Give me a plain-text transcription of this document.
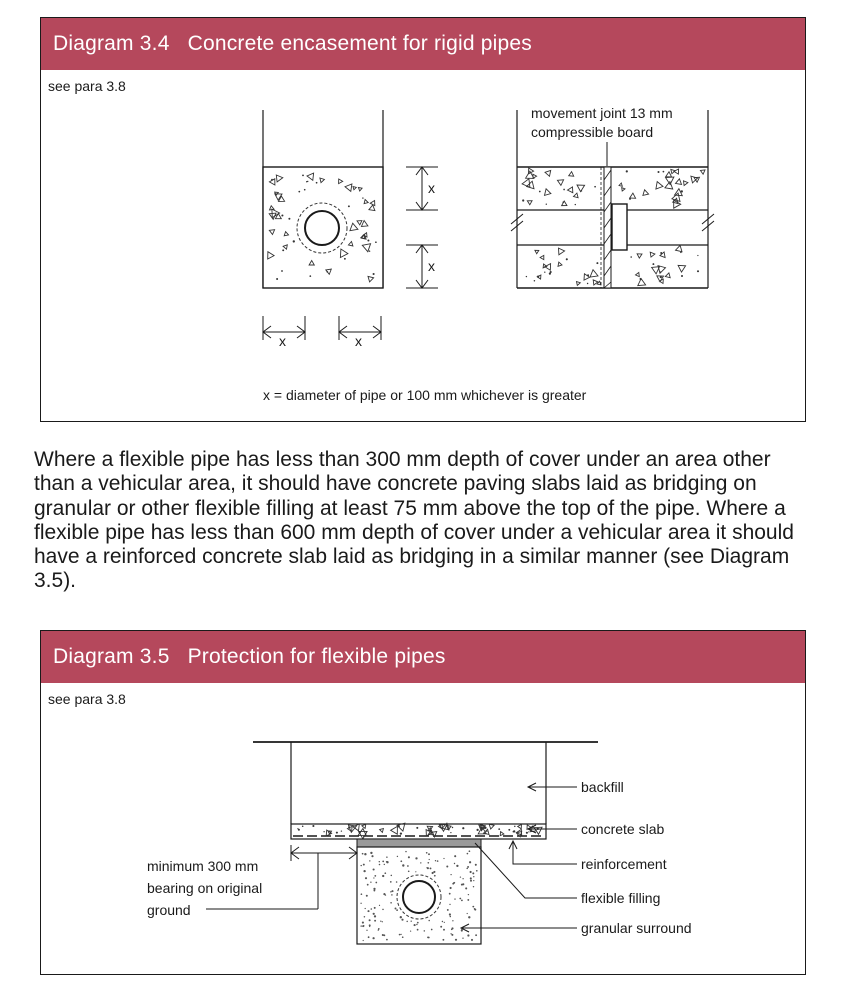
Diagram 3.4 Concrete encasement for rigid pipes
see para 3.8
x
x
x	x
movement joint 13 mm
compressible board
x = diameter of pipe or 100 mm whichever is greater

Where a flexible pipe has less than 300 mm depth of cover under an area other than a vehicular area, it should have concrete paving slabs laid as bridging on granular or other flexible filling at least 75 mm above the top of the pipe. Where a flexible pipe has less than 600 mm depth of cover under a vehicular area it should have a reinforced concrete slab laid as bridging in a similar manner (see Diagram 3.5).

Diagram 3.5 Protection for flexible pipes
see para 3.8
minimum 300 mm
bearing on original
ground
backfill
concrete slab
reinforcement
flexible filling
granular surround
